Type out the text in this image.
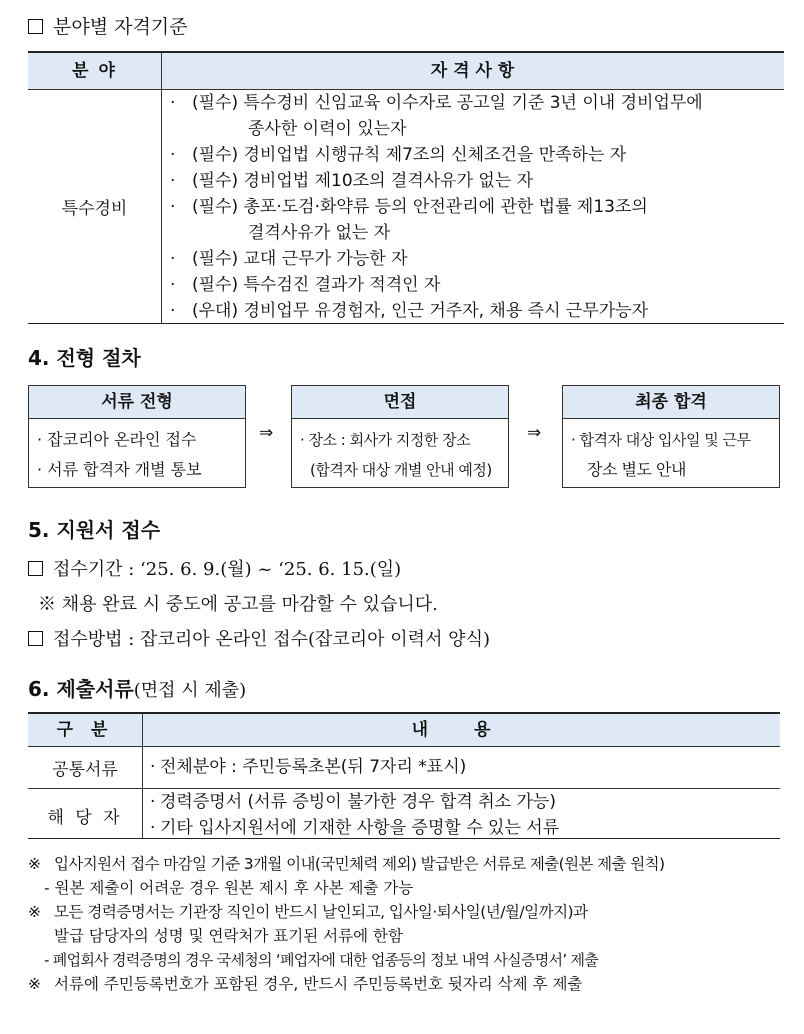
분야별 자격기준
분 야	자 격 사 항
특수경비
· (필수) 특수경비 신임교육 이수자로 공고일 기준 3년 이내 경비업무에
종사한 이력이 있는자
· (필수) 경비업법 시행규칙 제7조의 신체조건을 만족하는 자
· (필수) 경비업법 제10조의 결격사유가 없는 자
· (필수) 총포·도검·화약류 등의 안전관리에 관한 법률 제13조의
결격사유가 없는 자
· (필수) 교대 근무가 가능한 자
· (필수) 특수검진 결과가 적격인 자
· (우대) 경비업무 유경험자, 인근 거주자, 채용 즉시 근무가능자
4. 전형 절차
서류 전형
· 잡코리아 온라인 접수
· 서류 합격자 개별 통보
⇒
면접
· 장소 : 회사가 지정한 장소
(합격자 대상 개별 안내 예정)
⇒
최종 합격
· 합격자 대상 입사일 및 근무
장소 별도 안내
5. 지원서 접수
접수기간 : ‘25. 6. 9.(월) ~ ‘25. 6. 15.(일)
※ 채용 완료 시 중도에 공고를 마감할 수 있습니다.
접수방법 : 잡코리아 온라인 접수(잡코리아 이력서 양식)
6. 제출서류(면접 시 제출)
구 분	내 용
공통서류
·	전체분야 : 주민등록초본(뒤 7자리 *표시)
해 당 자
· 경력증명서 (서류 증빙이 불가한 경우 합격 취소 가능)
· 기타 입사지원서에 기재한 사항을 증명할 수 있는 서류
※ 입사지원서 접수 마감일 기준 3개월 이내(국민체력 제외) 발급받은 서류로 제출(원본 제출 원칙)
- 원본 제출이 어려운 경우 원본 제시 후 사본 제출 가능
※ 모든 경력증명서는 기관장 직인이 반드시 날인되고, 입사일·퇴사일(년/월/일까지)과
발급 담당자의 성명 및 연락처가 표기된 서류에 한함
- 폐업회사 경력증명의 경우 국세청의 ‘폐업자에 대한 업종등의 정보 내역 사실증명서’ 제출
※ 서류에 주민등록번호가 포함된 경우, 반드시 주민등록번호 뒷자리 삭제 후 제출
